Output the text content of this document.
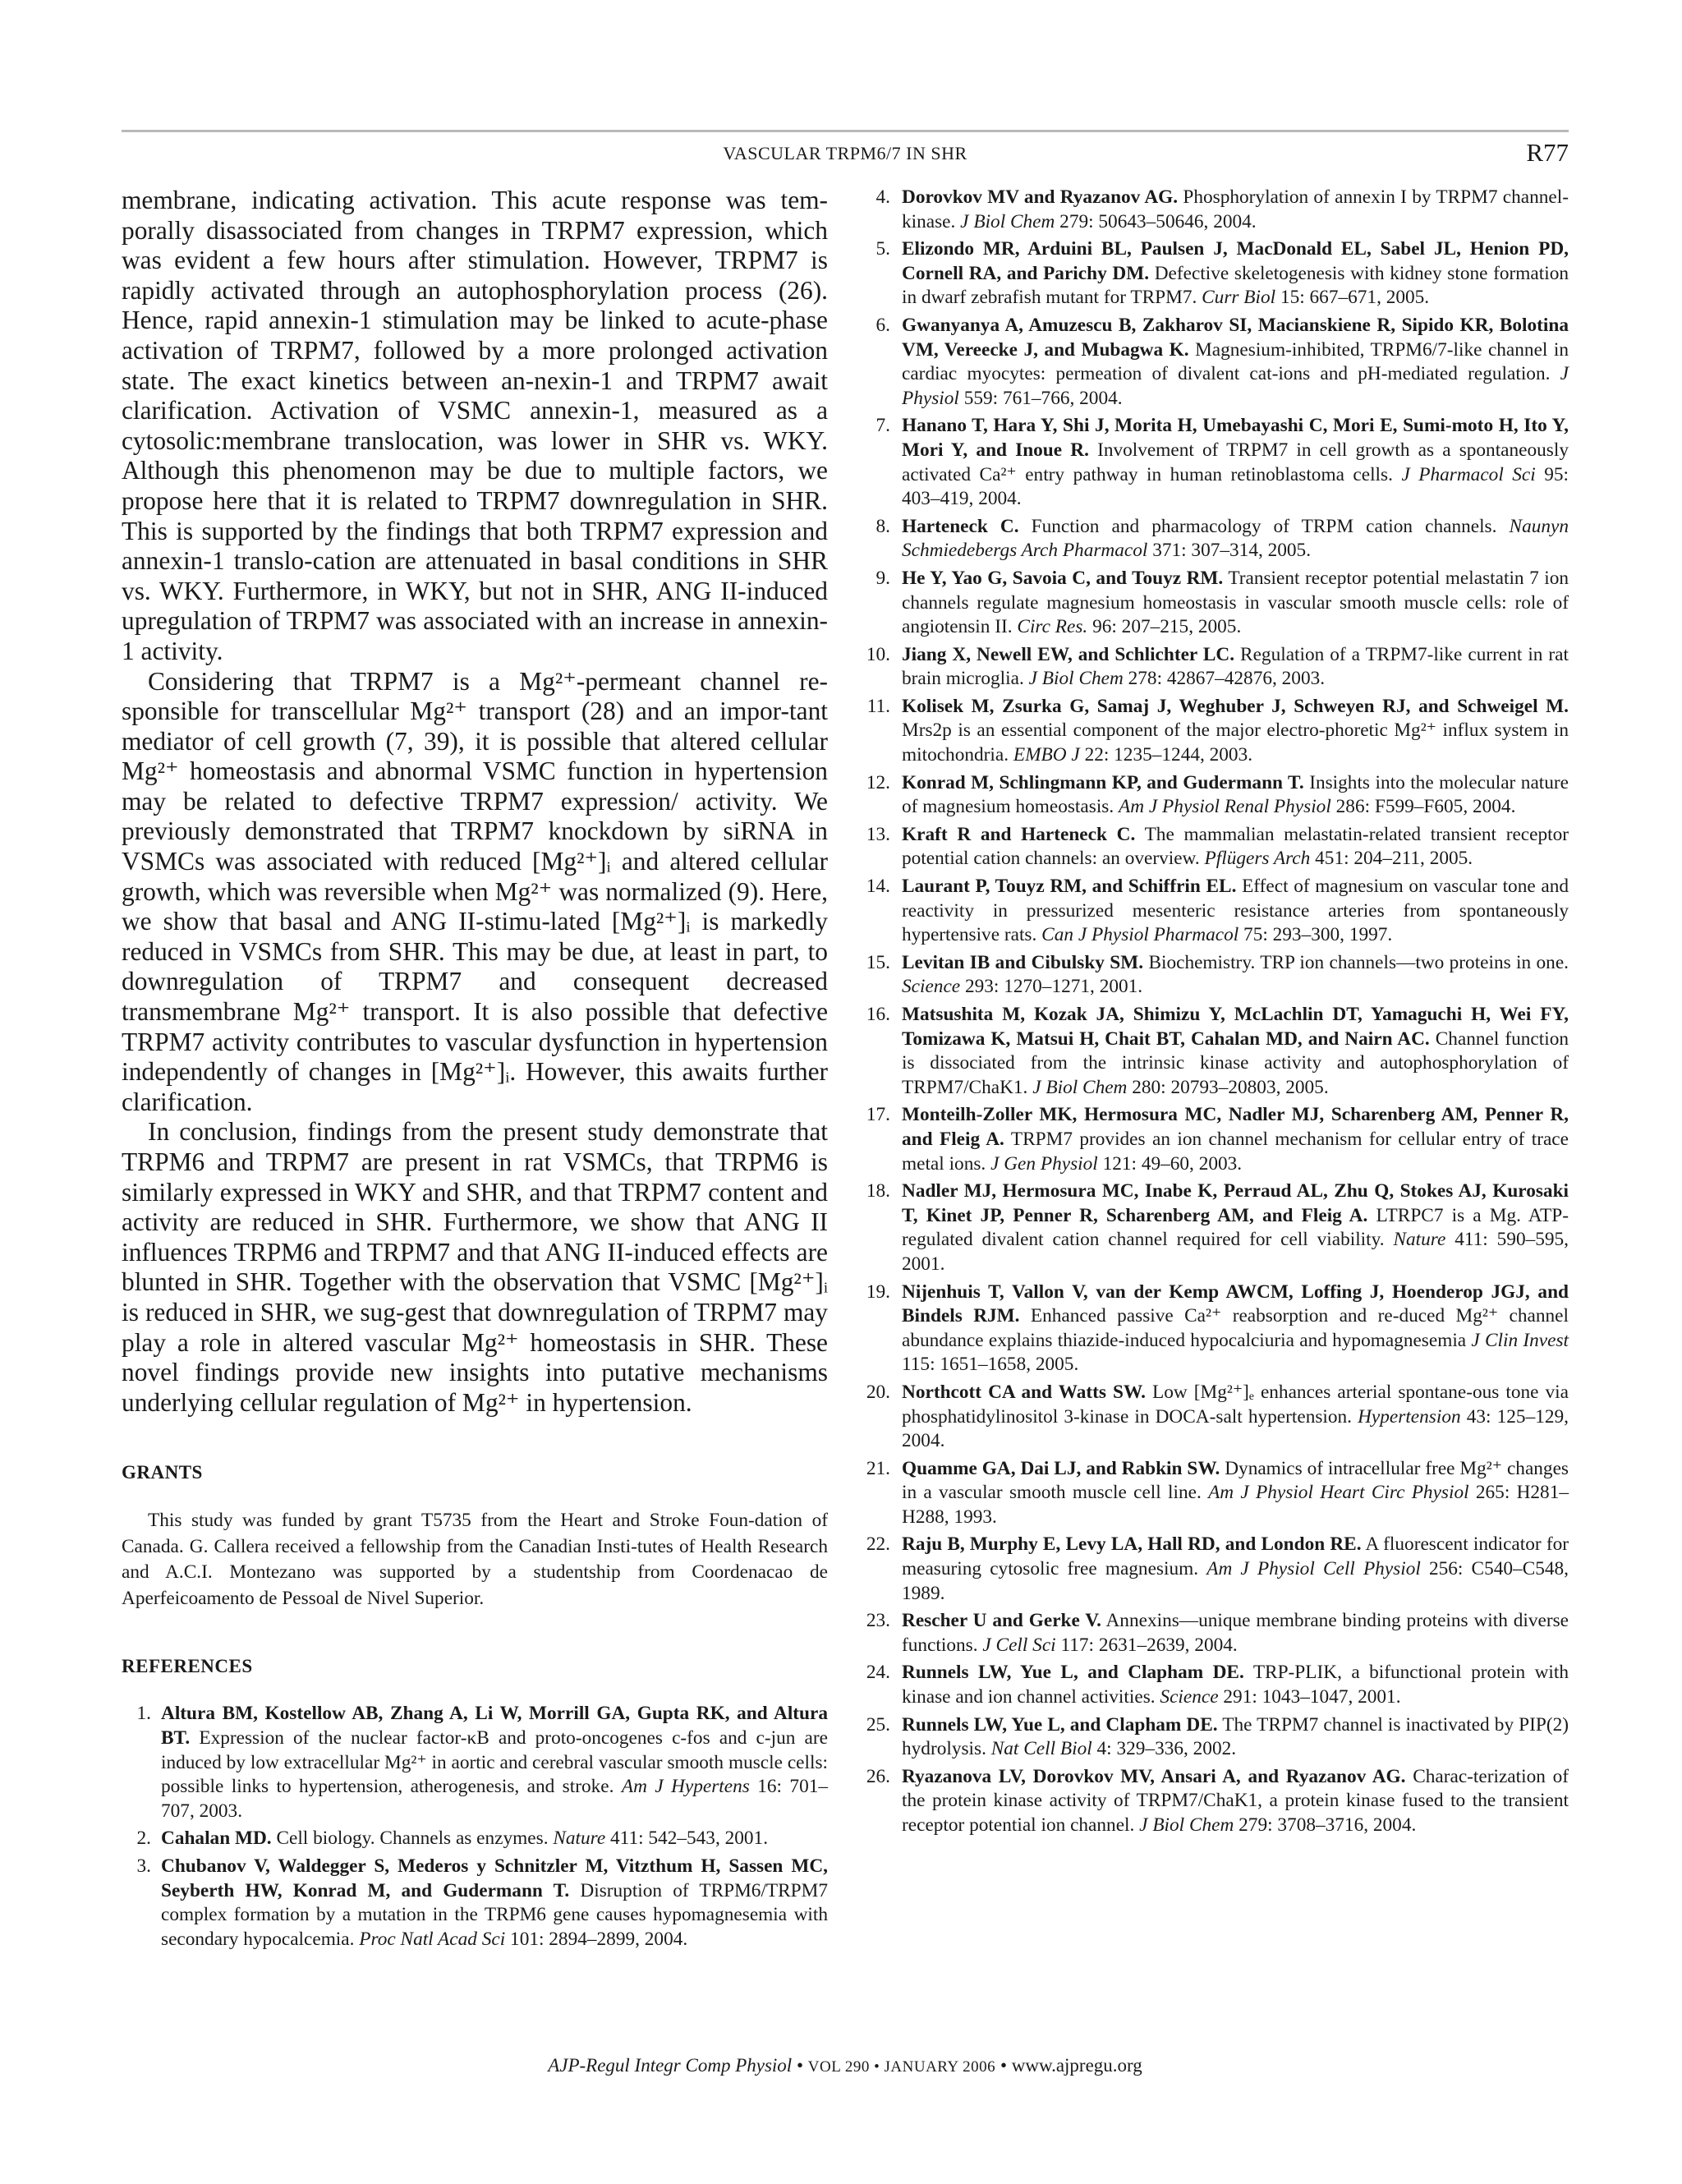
VASCULAR TRPM6/7 IN SHR	R77

membrane, indicating activation. This acute response was tem-porally disassociated from changes in TRPM7 expression, which was evident a few hours after stimulation. However, TRPM7 is rapidly activated through an autophosphorylation process (26). Hence, rapid annexin-1 stimulation may be linked to acute-phase activation of TRPM7, followed by a more prolonged activation state. The exact kinetics between an-nexin-1 and TRPM7 await clarification. Activation of VSMC annexin-1, measured as a cytosolic:membrane translocation, was lower in SHR vs. WKY. Although this phenomenon may be due to multiple factors, we propose here that it is related to TRPM7 downregulation in SHR. This is supported by the findings that both TRPM7 expression and annexin-1 translo-cation are attenuated in basal conditions in SHR vs. WKY. Furthermore, in WKY, but not in SHR, ANG II-induced upregulation of TRPM7 was associated with an increase in annexin-1 activity.

Considering that TRPM7 is a Mg²⁺-permeant channel re-sponsible for transcellular Mg²⁺ transport (28) and an impor-tant mediator of cell growth (7, 39), it is possible that altered cellular Mg²⁺ homeostasis and abnormal VSMC function in hypertension may be related to defective TRPM7 expression/ activity. We previously demonstrated that TRPM7 knockdown by siRNA in VSMCs was associated with reduced [Mg²⁺]ᵢ and altered cellular growth, which was reversible when Mg²⁺ was normalized (9). Here, we show that basal and ANG II-stimu-lated [Mg²⁺]ᵢ is markedly reduced in VSMCs from SHR. This may be due, at least in part, to downregulation of TRPM7 and consequent decreased transmembrane Mg²⁺ transport. It is also possible that defective TRPM7 activity contributes to vascular dysfunction in hypertension independently of changes in [Mg²⁺]ᵢ. However, this awaits further clarification.

In conclusion, findings from the present study demonstrate that TRPM6 and TRPM7 are present in rat VSMCs, that TRPM6 is similarly expressed in WKY and SHR, and that TRPM7 content and activity are reduced in SHR. Furthermore, we show that ANG II influences TRPM6 and TRPM7 and that ANG II-induced effects are blunted in SHR. Together with the observation that VSMC [Mg²⁺]ᵢ is reduced in SHR, we sug-gest that downregulation of TRPM7 may play a role in altered vascular Mg²⁺ homeostasis in SHR. These novel findings provide new insights into putative mechanisms underlying cellular regulation of Mg²⁺ in hypertension.

GRANTS

This study was funded by grant T5735 from the Heart and Stroke Foun-dation of Canada. G. Callera received a fellowship from the Canadian Insti-tutes of Health Research and A.C.I. Montezano was supported by a studentship from Coordenacao de Aperfeicoamento de Pessoal de Nivel Superior.

REFERENCES
1. Altura BM, Kostellow AB, Zhang A, Li W, Morrill GA, Gupta RK, and Altura BT. Expression of the nuclear factor-κB and proto-oncogenes c-fos and c-jun are induced by low extracellular Mg²⁺ in aortic and cerebral vascular smooth muscle cells: possible links to hypertension, atherogenesis, and stroke. Am J Hypertens 16: 701–707, 2003.
2. Cahalan MD. Cell biology. Channels as enzymes. Nature 411: 542–543, 2001.
3. Chubanov V, Waldegger S, Mederos y Schnitzler M, Vitzthum H, Sassen MC, Seyberth HW, Konrad M, and Gudermann T. Disruption of TRPM6/TRPM7 complex formation by a mutation in the TRPM6 gene causes hypomagnesemia with secondary hypocalcemia. Proc Natl Acad Sci 101: 2894–2899, 2004.
4. Dorovkov MV and Ryazanov AG. Phosphorylation of annexin I by TRPM7 channel-kinase. J Biol Chem 279: 50643–50646, 2004.
5. Elizondo MR, Arduini BL, Paulsen J, MacDonald EL, Sabel JL, Henion PD, Cornell RA, and Parichy DM. Defective skeletogenesis with kidney stone formation in dwarf zebrafish mutant for TRPM7. Curr Biol 15: 667–671, 2005.
6. Gwanyanya A, Amuzescu B, Zakharov SI, Macianskiene R, Sipido KR, Bolotina VM, Vereecke J, and Mubagwa K. Magnesium-inhibited, TRPM6/7-like channel in cardiac myocytes: permeation of divalent cat-ions and pH-mediated regulation. J Physiol 559: 761–766, 2004.
7. Hanano T, Hara Y, Shi J, Morita H, Umebayashi C, Mori E, Sumi-moto H, Ito Y, Mori Y, and Inoue R. Involvement of TRPM7 in cell growth as a spontaneously activated Ca²⁺ entry pathway in human retinoblastoma cells. J Pharmacol Sci 95: 403–419, 2004.
8. Harteneck C. Function and pharmacology of TRPM cation channels. Naunyn Schmiedebergs Arch Pharmacol 371: 307–314, 2005.
9. He Y, Yao G, Savoia C, and Touyz RM. Transient receptor potential melastatin 7 ion channels regulate magnesium homeostasis in vascular smooth muscle cells: role of angiotensin II. Circ Res. 96: 207–215, 2005.
10. Jiang X, Newell EW, and Schlichter LC. Regulation of a TRPM7-like current in rat brain microglia. J Biol Chem 278: 42867–42876, 2003.
11. Kolisek M, Zsurka G, Samaj J, Weghuber J, Schweyen RJ, and Schweigel M. Mrs2p is an essential component of the major electro-phoretic Mg²⁺ influx system in mitochondria. EMBO J 22: 1235–1244, 2003.
12. Konrad M, Schlingmann KP, and Gudermann T. Insights into the molecular nature of magnesium homeostasis. Am J Physiol Renal Physiol 286: F599–F605, 2004.
13. Kraft R and Harteneck C. The mammalian melastatin-related transient receptor potential cation channels: an overview. Pflügers Arch 451: 204–211, 2005.
14. Laurant P, Touyz RM, and Schiffrin EL. Effect of magnesium on vascular tone and reactivity in pressurized mesenteric resistance arteries from spontaneously hypertensive rats. Can J Physiol Pharmacol 75: 293–300, 1997.
15. Levitan IB and Cibulsky SM. Biochemistry. TRP ion channels—two proteins in one. Science 293: 1270–1271, 2001.
16. Matsushita M, Kozak JA, Shimizu Y, McLachlin DT, Yamaguchi H, Wei FY, Tomizawa K, Matsui H, Chait BT, Cahalan MD, and Nairn AC. Channel function is dissociated from the intrinsic kinase activity and autophosphorylation of TRPM7/ChaK1. J Biol Chem 280: 20793–20803, 2005.
17. Monteilh-Zoller MK, Hermosura MC, Nadler MJ, Scharenberg AM, Penner R, and Fleig A. TRPM7 provides an ion channel mechanism for cellular entry of trace metal ions. J Gen Physiol 121: 49–60, 2003.
18. Nadler MJ, Hermosura MC, Inabe K, Perraud AL, Zhu Q, Stokes AJ, Kurosaki T, Kinet JP, Penner R, Scharenberg AM, and Fleig A. LTRPC7 is a Mg. ATP-regulated divalent cation channel required for cell viability. Nature 411: 590–595, 2001.
19. Nijenhuis T, Vallon V, van der Kemp AWCM, Loffing J, Hoenderop JGJ, and Bindels RJM. Enhanced passive Ca²⁺ reabsorption and re-duced Mg²⁺ channel abundance explains thiazide-induced hypocalciuria and hypomagnesemia J Clin Invest 115: 1651–1658, 2005.
20. Northcott CA and Watts SW. Low [Mg²⁺]ₑ enhances arterial spontane-ous tone via phosphatidylinositol 3-kinase in DOCA-salt hypertension. Hypertension 43: 125–129, 2004.
21. Quamme GA, Dai LJ, and Rabkin SW. Dynamics of intracellular free Mg²⁺ changes in a vascular smooth muscle cell line. Am J Physiol Heart Circ Physiol 265: H281–H288, 1993.
22. Raju B, Murphy E, Levy LA, Hall RD, and London RE. A fluorescent indicator for measuring cytosolic free magnesium. Am J Physiol Cell Physiol 256: C540–C548, 1989.
23. Rescher U and Gerke V. Annexins—unique membrane binding proteins with diverse functions. J Cell Sci 117: 2631–2639, 2004.
24. Runnels LW, Yue L, and Clapham DE. TRP-PLIK, a bifunctional protein with kinase and ion channel activities. Science 291: 1043–1047, 2001.
25. Runnels LW, Yue L, and Clapham DE. The TRPM7 channel is inactivated by PIP(2) hydrolysis. Nat Cell Biol 4: 329–336, 2002.
26. Ryazanova LV, Dorovkov MV, Ansari A, and Ryazanov AG. Charac-terization of the protein kinase activity of TRPM7/ChaK1, a protein kinase fused to the transient receptor potential ion channel. J Biol Chem 279: 3708–3716, 2004.
AJP-Regul Integr Comp Physiol • VOL 290 • JANUARY 2006 • www.ajpregu.org
